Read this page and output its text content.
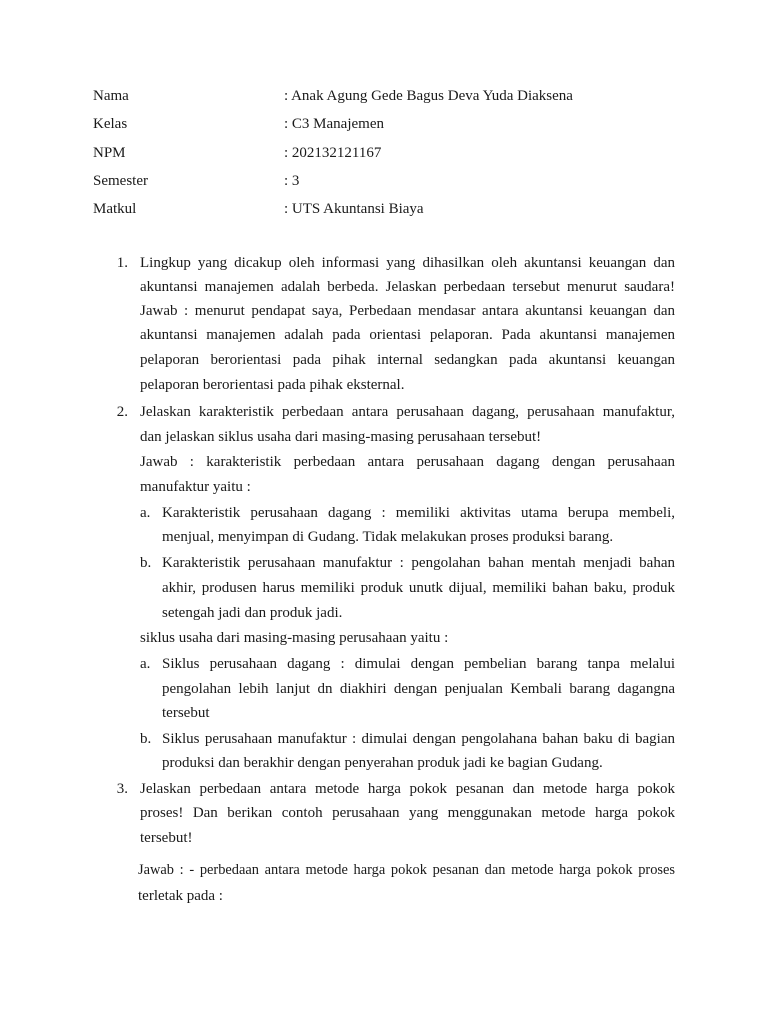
Nama	: Anak Agung Gede Bagus Deva Yuda Diaksena
Kelas	: C3 Manajemen
NPM	: 202132121167
Semester	: 3
Matkul	: UTS Akuntansi Biaya
1. Lingkup yang dicakup oleh informasi yang dihasilkan oleh akuntansi keuangan dan
akuntansi manajemen adalah berbeda. Jelaskan perbedaan tersebut menurut saudara!
Jawab : menurut pendapat saya, Perbedaan mendasar antara akuntansi keuangan dan
akuntansi manajemen adalah pada orientasi pelaporan. Pada akuntansi manajemen
pelaporan berorientasi pada pihak internal sedangkan pada akuntansi keuangan
pelaporan berorientasi pada pihak eksternal.
2. Jelaskan karakteristik perbedaan antara perusahaan dagang, perusahaan manufaktur,
dan jelaskan siklus usaha dari masing-masing perusahaan tersebut!
Jawab : karakteristik perbedaan antara perusahaan dagang dengan perusahaan
manufaktur yaitu :
a. Karakteristik perusahaan dagang : memiliki aktivitas utama berupa membeli,
menjual, menyimpan di Gudang. Tidak melakukan proses produksi barang.
b. Karakteristik perusahaan manufaktur : pengolahan bahan mentah menjadi bahan
akhir, produsen harus memiliki produk unutk dijual, memiliki bahan baku, produk
setengah jadi dan produk jadi.
siklus usaha dari masing-masing perusahaan yaitu :
a. Siklus perusahaan dagang : dimulai dengan pembelian barang tanpa melalui
pengolahan lebih lanjut dn diakhiri dengan penjualan Kembali barang dagangna
tersebut
b. Siklus perusahaan manufaktur : dimulai dengan pengolahana bahan baku di bagian
produksi dan berakhir dengan penyerahan produk jadi ke bagian Gudang.
3. Jelaskan perbedaan antara metode harga pokok pesanan dan metode harga pokok
proses! Dan berikan contoh perusahaan yang menggunakan metode harga pokok
tersebut!
Jawab : - perbedaan antara metode harga pokok pesanan dan metode harga pokok proses
terletak pada :
